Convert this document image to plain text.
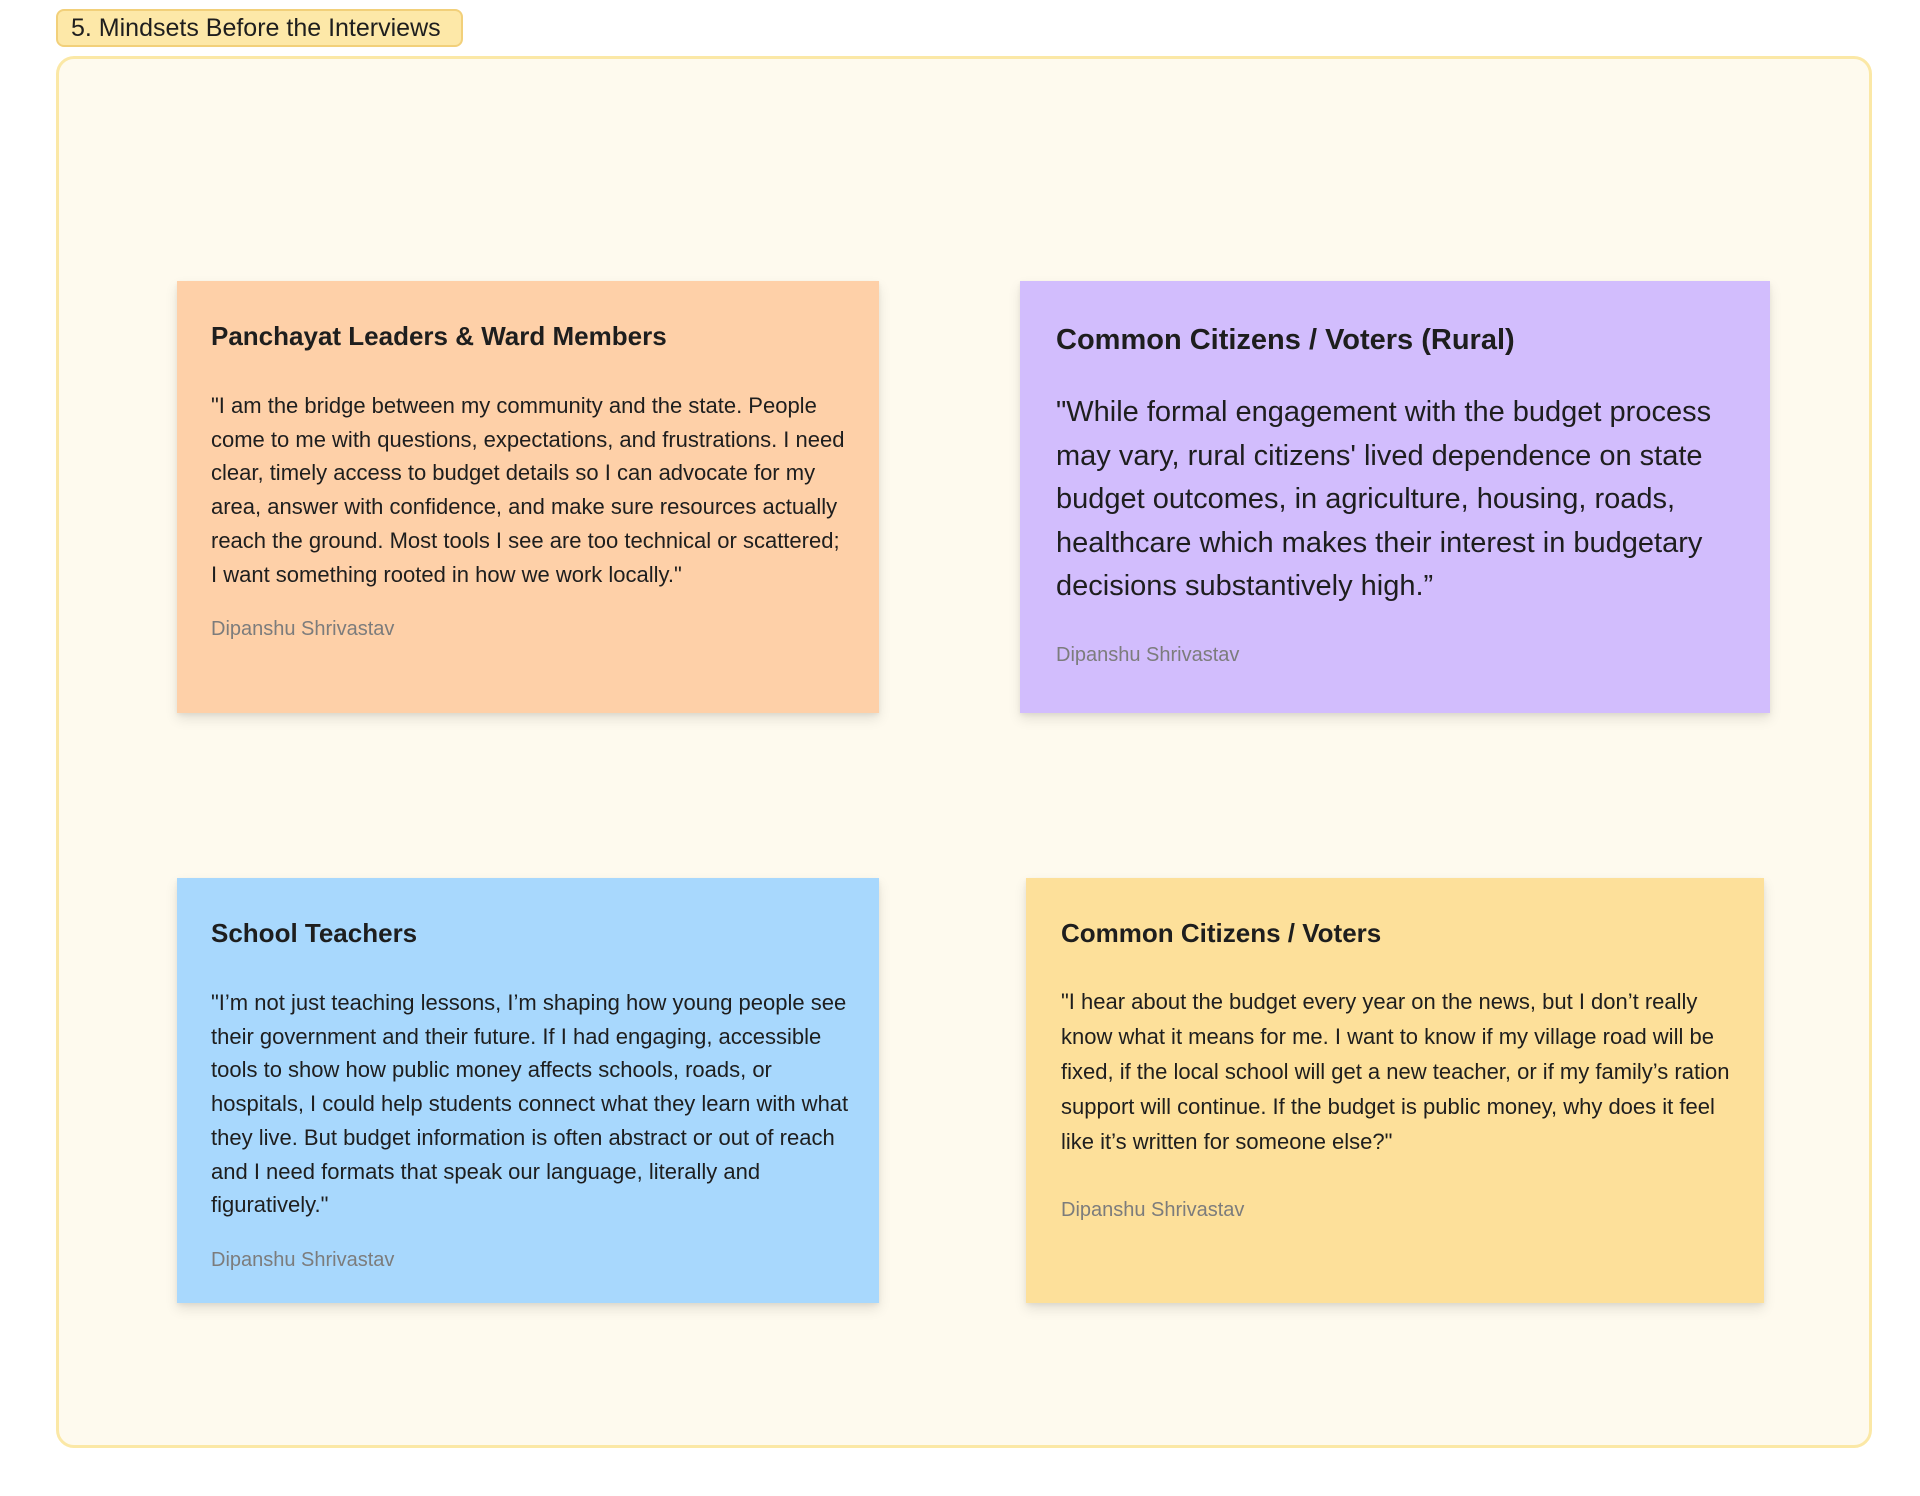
5. Mindsets Before the Interviews

Panchayat Leaders & Ward Members

"I am the bridge between my community and the state. People come to me with questions, expectations, and frustrations. I need clear, timely access to budget details so I can advocate for my area, answer with confidence, and make sure resources actually reach the ground. Most tools I see are too technical or scattered; I want something rooted in how we work locally."

Dipanshu Shrivastav

Common Citizens / Voters (Rural)

"While formal engagement with the budget process may vary, rural citizens' lived dependence on state budget outcomes, in agriculture, housing, roads, healthcare which makes their interest in budgetary decisions substantively high.”

Dipanshu Shrivastav

School Teachers

"I’m not just teaching lessons, I’m shaping how young people see their government and their future. If I had engaging, accessible tools to show how public money affects schools, roads, or hospitals, I could help students connect what they learn with what they live. But budget information is often abstract or out of reach and I need formats that speak our language, literally and figuratively."

Dipanshu Shrivastav

Common Citizens / Voters

"I hear about the budget every year on the news, but I don’t really know what it means for me. I want to know if my village road will be fixed, if the local school will get a new teacher, or if my family’s ration support will continue. If the budget is public money, why does it feel like it’s written for someone else?"

Dipanshu Shrivastav
